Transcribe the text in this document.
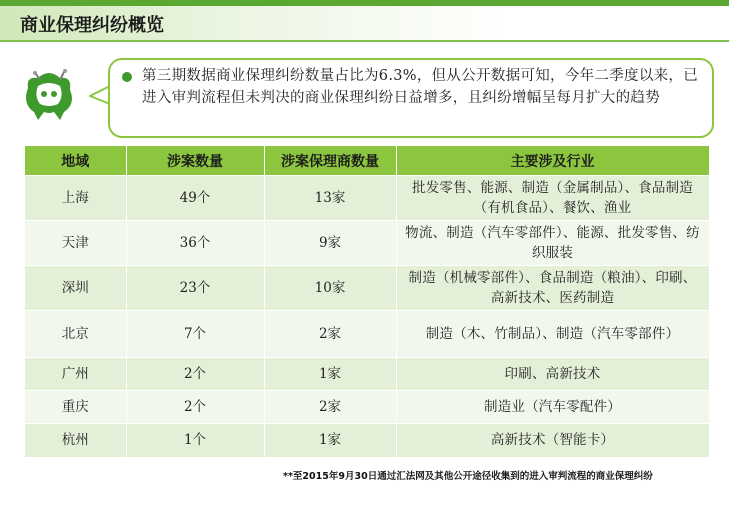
商业保理纠纷概览
第三期数据商业保理纠纷数量占比为6.3%，但从公开数据可知，今年二季度以来，已进入审判流程但未判决的商业保理纠纷日益增多，且纠纷增幅呈每月扩大的趋势
地域	涉案数量	涉案保理商数量	主要涉及行业
上海	49个	13家	批发零售、能源、制造（金属制品）、食品制造（有机食品）、餐饮、渔业
天津	36个	9家	物流、制造（汽车零部件）、能源、批发零售、纺织服装
深圳	23个	10家	制造（机械零部件）、食品制造（粮油）、印刷、高新技术、医药制造
北京	7个	2家	制造（木、竹制品）、制造（汽车零部件）
广州	2个	1家	印刷、高新技术
重庆	2个	2家	制造业（汽车零配件）
杭州	1个	1家	高新技术（智能卡）
**至2015年9月30日通过汇法网及其他公开途径收集到的进入审判流程的商业保理纠纷
